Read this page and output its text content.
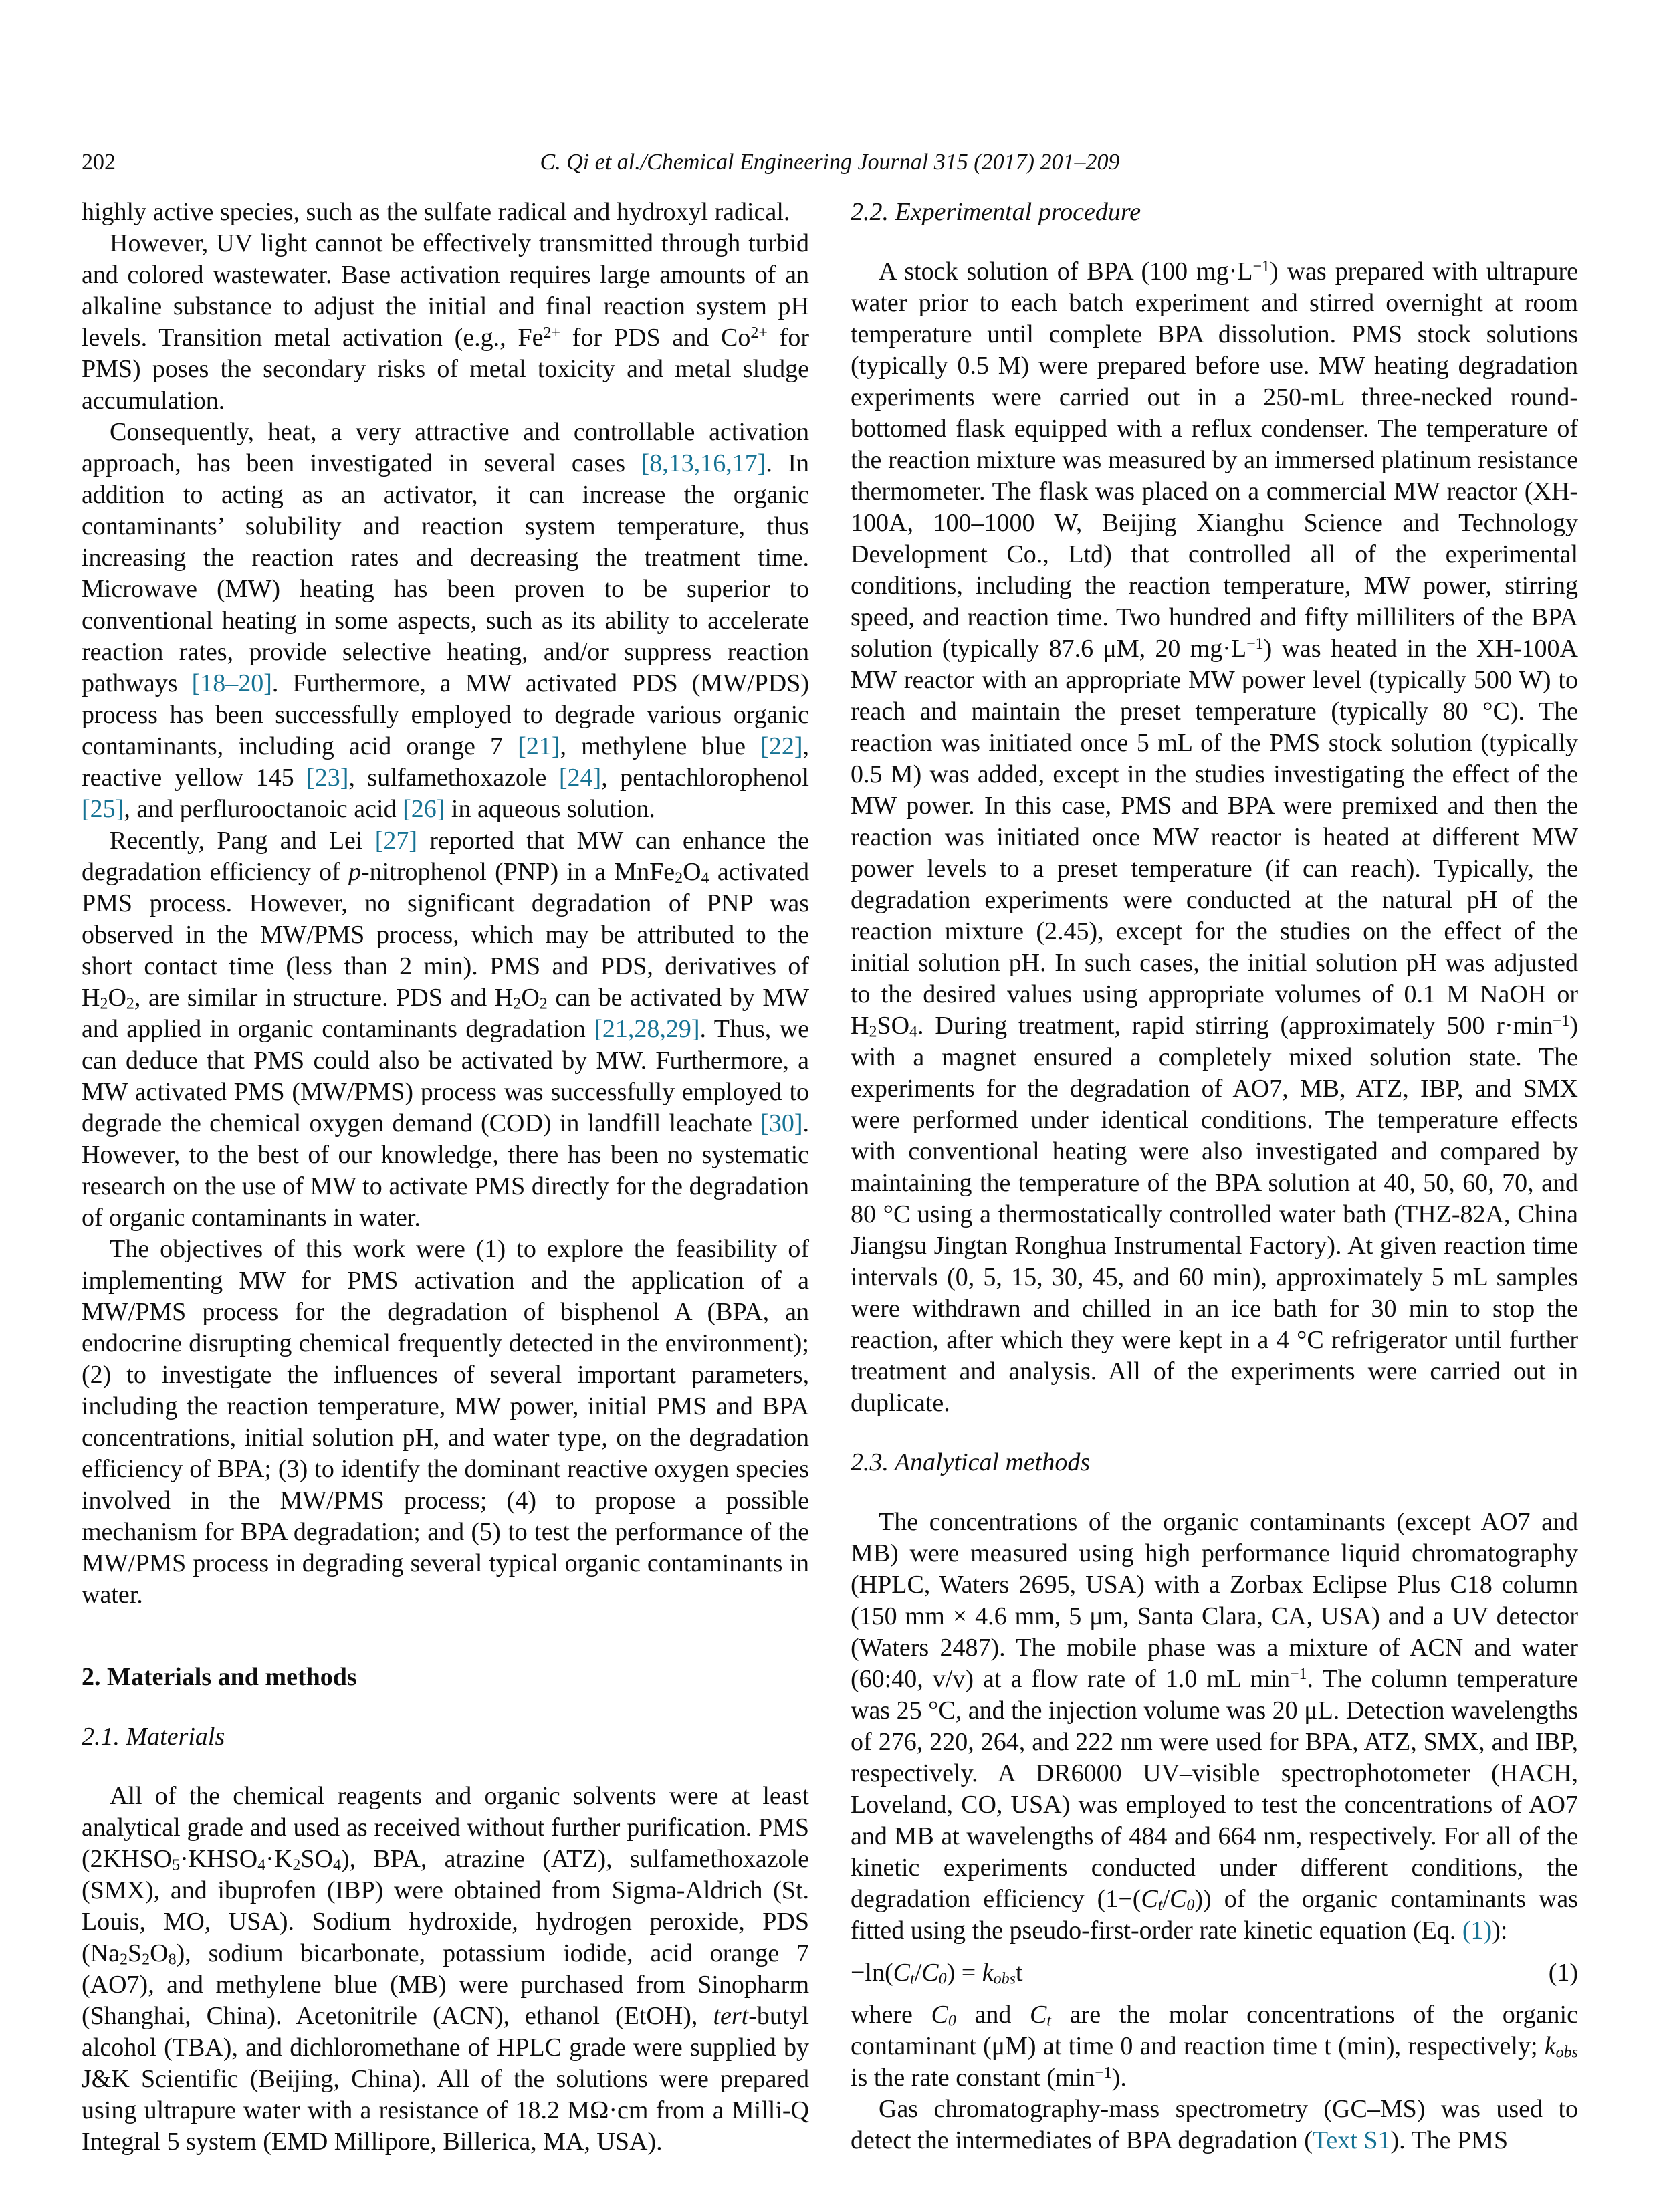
202	C. Qi et al./Chemical Engineering Journal 315 (2017) 201–209

highly active species, such as the sulfate radical and hydroxyl radical.

However, UV light cannot be effectively transmitted through turbid and colored wastewater. Base activation requires large amounts of an alkaline substance to adjust the initial and final reaction system pH levels. Transition metal activation (e.g., $Fe^{2+}$ for PDS and $Co^{2+}$ for PMS) poses the secondary risks of metal toxicity and metal sludge accumulation.

Consequently, heat, a very attractive and controllable activation approach, has been investigated in several cases [8,13,16,17]. In addition to acting as an activator, it can increase the organic contaminants’ solubility and reaction system temperature, thus increasing the reaction rates and decreasing the treatment time. Microwave (MW) heating has been proven to be superior to conventional heating in some aspects, such as its ability to accelerate reaction rates, provide selective heating, and/or suppress reaction pathways [18–20]. Furthermore, a MW activated PDS (MW/PDS) process has been successfully employed to degrade various organic contaminants, including acid orange 7 [21], methylene blue [22], reactive yellow 145 [23], sulfamethoxazole [24], pentachlorophenol [25], and perflurooctanoic acid [26] in aqueous solution.

Recently, Pang and Lei [27] reported that MW can enhance the degradation efficiency of p-nitrophenol (PNP) in a $MnFe_2O_4$ activated PMS process. However, no significant degradation of PNP was observed in the MW/PMS process, which may be attributed to the short contact time (less than 2 min). PMS and PDS, derivatives of $H_2O_2$, are similar in structure. PDS and $H_2O_2$ can be activated by MW and applied in organic contaminants degradation [21,28,29]. Thus, we can deduce that PMS could also be activated by MW. Furthermore, a MW activated PMS (MW/PMS) process was successfully employed to degrade the chemical oxygen demand (COD) in landfill leachate [30]. However, to the best of our knowledge, there has been no systematic research on the use of MW to activate PMS directly for the degradation of organic contaminants in water.

The objectives of this work were (1) to explore the feasibility of implementing MW for PMS activation and the application of a MW/PMS process for the degradation of bisphenol A (BPA, an endocrine disrupting chemical frequently detected in the environment); (2) to investigate the influences of several important parameters, including the reaction temperature, MW power, initial PMS and BPA concentrations, initial solution pH, and water type, on the degradation efficiency of BPA; (3) to identify the dominant reactive oxygen species involved in the MW/PMS process; (4) to propose a possible mechanism for BPA degradation; and (5) to test the performance of the MW/PMS process in degrading several typical organic contaminants in water.

2. Materials and methods
2.1. Materials

All of the chemical reagents and organic solvents were at least analytical grade and used as received without further purification. PMS $(2KHSO_5\cdot KHSO_4\cdot K_2SO_4)$, BPA, atrazine (ATZ), sulfamethoxazole (SMX), and ibuprofen (IBP) were obtained from Sigma-Aldrich (St. Louis, MO, USA). Sodium hydroxide, hydrogen peroxide, PDS $(Na_2S_2O_8)$, sodium bicarbonate, potassium iodide, acid orange 7 (AO7), and methylene blue (MB) were purchased from Sinopharm (Shanghai, China). Acetonitrile (ACN), ethanol (EtOH), tert-butyl alcohol (TBA), and dichloromethane of HPLC grade were supplied by J&K Scientific (Beijing, China). All of the solutions were prepared using ultrapure water with a resistance of 18.2 MΩ·cm from a Milli-Q Integral 5 system (EMD Millipore, Billerica, MA, USA).

2.2. Experimental procedure

A stock solution of BPA (100 $mg\cdot L^{-1}$) was prepared with ultrapure water prior to each batch experiment and stirred overnight at room temperature until complete BPA dissolution. PMS stock solutions (typically 0.5 M) were prepared before use. MW heating degradation experiments were carried out in a 250-mL three-necked round-bottomed flask equipped with a reflux condenser. The temperature of the reaction mixture was measured by an immersed platinum resistance thermometer. The flask was placed on a commercial MW reactor (XH-100A, 100–1000 W, Beijing Xianghu Science and Technology Development Co., Ltd) that controlled all of the experimental conditions, including the reaction temperature, MW power, stirring speed, and reaction time. Two hundred and fifty milliliters of the BPA solution (typically 87.6 μM, 20 $mg\cdot L^{-1}$) was heated in the XH-100A MW reactor with an appropriate MW power level (typically 500 W) to reach and maintain the preset temperature (typically 80 °C). The reaction was initiated once 5 mL of the PMS stock solution (typically 0.5 M) was added, except in the studies investigating the effect of the MW power. In this case, PMS and BPA were premixed and then the reaction was initiated once MW reactor is heated at different MW power levels to a preset temperature (if can reach). Typically, the degradation experiments were conducted at the natural pH of the reaction mixture (2.45), except for the studies on the effect of the initial solution pH. In such cases, the initial solution pH was adjusted to the desired values using appropriate volumes of 0.1 M NaOH or $H_2SO_4$. During treatment, rapid stirring (approximately 500 $r\cdot\min^{-1}$) with a magnet ensured a completely mixed solution state. The experiments for the degradation of AO7, MB, ATZ, IBP, and SMX were performed under identical conditions. The temperature effects with conventional heating were also investigated and compared by maintaining the temperature of the BPA solution at 40, 50, 60, 70, and 80 °C using a thermostatically controlled water bath (THZ-82A, China Jiangsu Jingtan Ronghua Instrumental Factory). At given reaction time intervals (0, 5, 15, 30, 45, and 60 min), approximately 5 mL samples were withdrawn and chilled in an ice bath for 30 min to stop the reaction, after which they were kept in a 4 °C refrigerator until further treatment and analysis. All of the experiments were carried out in duplicate.

2.3. Analytical methods

The concentrations of the organic contaminants (except AO7 and MB) were measured using high performance liquid chromatography (HPLC, Waters 2695, USA) with a Zorbax Eclipse Plus C18 column (150 mm × 4.6 mm, 5 μm, Santa Clara, CA, USA) and a UV detector (Waters 2487). The mobile phase was a mixture of ACN and water (60:40, v/v) at a flow rate of 1.0 mL $\min^{-1}$. The column temperature was 25 °C, and the injection volume was 20 μL. Detection wavelengths of 276, 220, 264, and 222 nm were used for BPA, ATZ, SMX, and IBP, respectively. A DR6000 UV–visible spectrophotometer (HACH, Loveland, CO, USA) was employed to test the concentrations of AO7 and MB at wavelengths of 484 and 664 nm, respectively. For all of the kinetic experiments conducted under different conditions, the degradation efficiency $(1-(C_t/C_0))$ of the organic contaminants was fitted using the pseudo-first-order rate kinetic equation (Eq. (1)):

$-\ln(C_t/C_0) = k_{obs}t$	(1)

where $C_0$ and $C_t$ are the molar concentrations of the organic contaminant (μM) at time 0 and reaction time t (min), respectively; $k_{obs}$ is the rate constant $(\min^{-1})$.

Gas chromatography-mass spectrometry (GC–MS) was used to detect the intermediates of BPA degradation (Text S1). The PMS
